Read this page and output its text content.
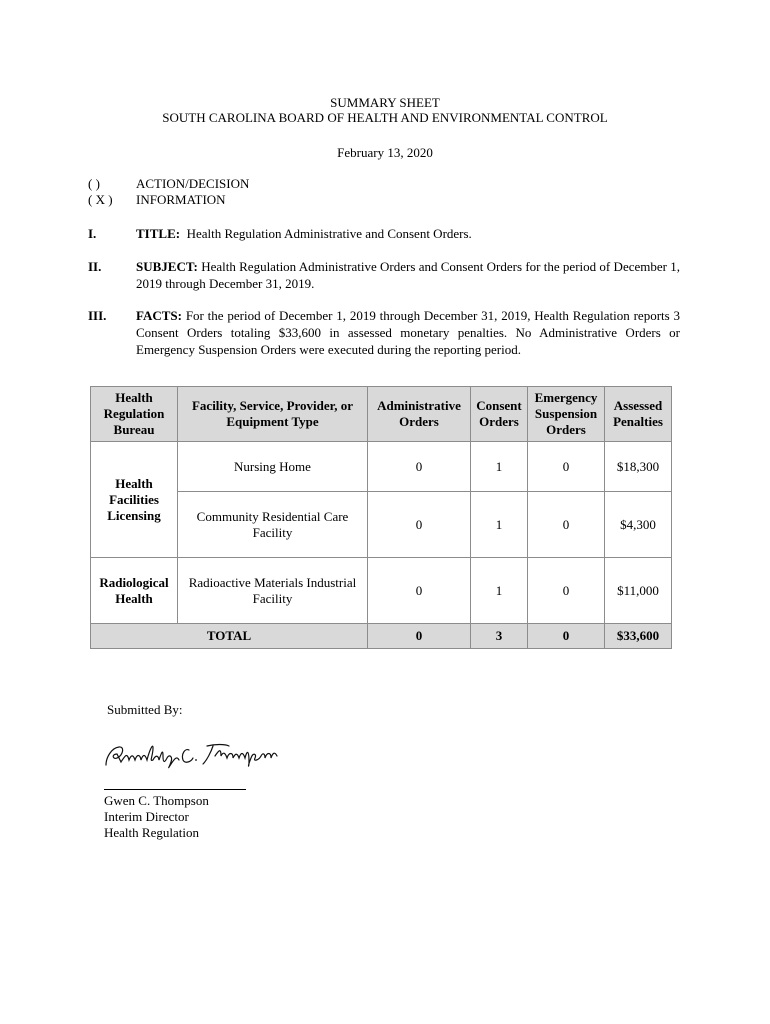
SUMMARY SHEET
SOUTH CAROLINA BOARD OF HEALTH AND ENVIRONMENTAL CONTROL
February 13, 2020
( )	ACTION/DECISION
( X ) INFORMATION
I.	TITLE: Health Regulation Administrative and Consent Orders.
II.	SUBJECT: Health Regulation Administrative Orders and Consent Orders for the period of December 1, 2019 through December 31, 2019.
III. FACTS: For the period of December 1, 2019 through December 31, 2019, Health Regulation reports 3 Consent Orders totaling $33,600 in assessed monetary penalties. No Administrative Orders or Emergency Suspension Orders were executed during the reporting period.
Health Regulation Bureau	Facility, Service, Provider, or Equipment Type	Administrative Orders	Consent Orders	Emergency Suspension Orders	Assessed Penalties
Health Facilities Licensing	Nursing Home	0	1	0	$18,300
	Community Residential Care Facility	0	1	0	$4,300
Radiological Health	Radioactive Materials Industrial Facility	0	1	0	$11,000
TOTAL		0	3	0	$33,600
Submitted By:
Gwen C. Thompson
Interim Director
Health Regulation
